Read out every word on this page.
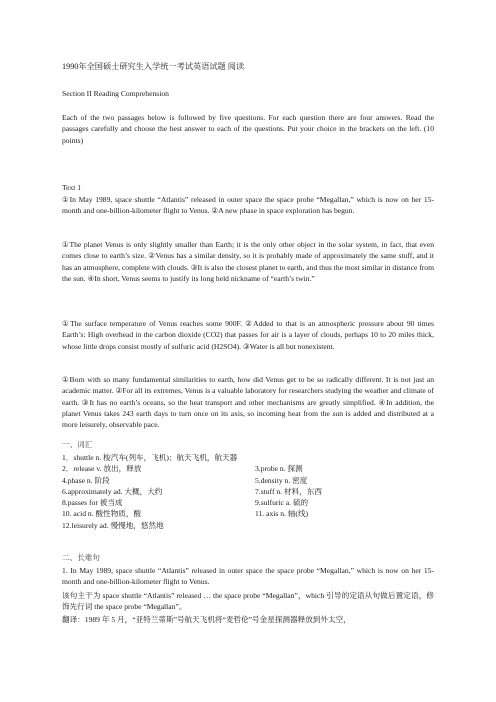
1990年全国硕士研究生入学统一考试英语试题 阅读

Section II Reading Comprehension

Each of the two passages below is followed by five questions. For each question there are four answers. Read the passages carefully and choose the best answer to each of the questions. Put your choice in the brackets on the left. (10 points)

Text 1

①In May 1989, space shuttle “Atlantis” released in outer space the space probe “Megallan,” which is now on her 15-month and one-billion-kilometer flight to Venus. ②A new phase in space exploration has begun.

①The planet Venus is only slightly smaller than Earth; it is the only other object in the solar system, in fact, that even comes close to earth’s size. ②Venus has a similar density, so it is probably made of approximately the same stuff, and it has an atmosphere, complete with clouds. ③It is also the closest planet to earth, and thus the most similar in distance from the sun. ④In short, Venus seems to justify its long held nickname of “earth’s twin.”

①The surface temperature of Venus reaches some 900F. ②Added to that is an atmospheric pressure about 90 times Earth’s: High overhead in the carbon dioxide (CO2) that passes for air is a layer of clouds, perhaps 10 to 20 miles thick, whose little drops consist mostly of sulfuric acid (H2SO4). ③Water is all but nonexistent.

①Born with so many fundamental similarities to earth, how did Venus get to be so radically different. It is not just an academic matter. ②For all its extremes, Venus is a valuable laboratory for researchers studying the weather and climate of earth. ③It has no earth’s oceans, so the heat transport and other mechanisms are greatly simplified. ④In addition, the planet Venus takes 243 earth days to turn once on its axis, so incoming heat from the sun is added and distributed at a more leisurely, observable pace.

一、词汇

1．shuttle n. 梭汽车(列车，飞机)；航天飞机，航天器
2．release v. 放出，释放	3.probe n. 探测
4.phase n. 阶段	5.density n. 密度
6.approximately ad. 大概，大约	7.stuff n. 材料，东西
8.passes for 被当成	9.sulfuric a. 硫的
10. acid n. 酸性物质，酸	11. axis n. 轴(线)
12.leisurely ad. 慢慢地，悠然地

二、长难句

1. In May 1989, space shuttle “Atlantis” released in outer space the space probe “Megallan,” which is now on her 15-month and one-billion-kilometer flight to Venus.

该句主干为 space shuttle “Atlantis” released … the space probe “Megallan”，which 引导的定语从句做后置定语，修饰先行词 the space probe “Megallan”。

翻译：1989 年 5 月，“亚特兰蒂斯”号航天飞机将“麦哲伦”号金星探测器释放到外太空，
